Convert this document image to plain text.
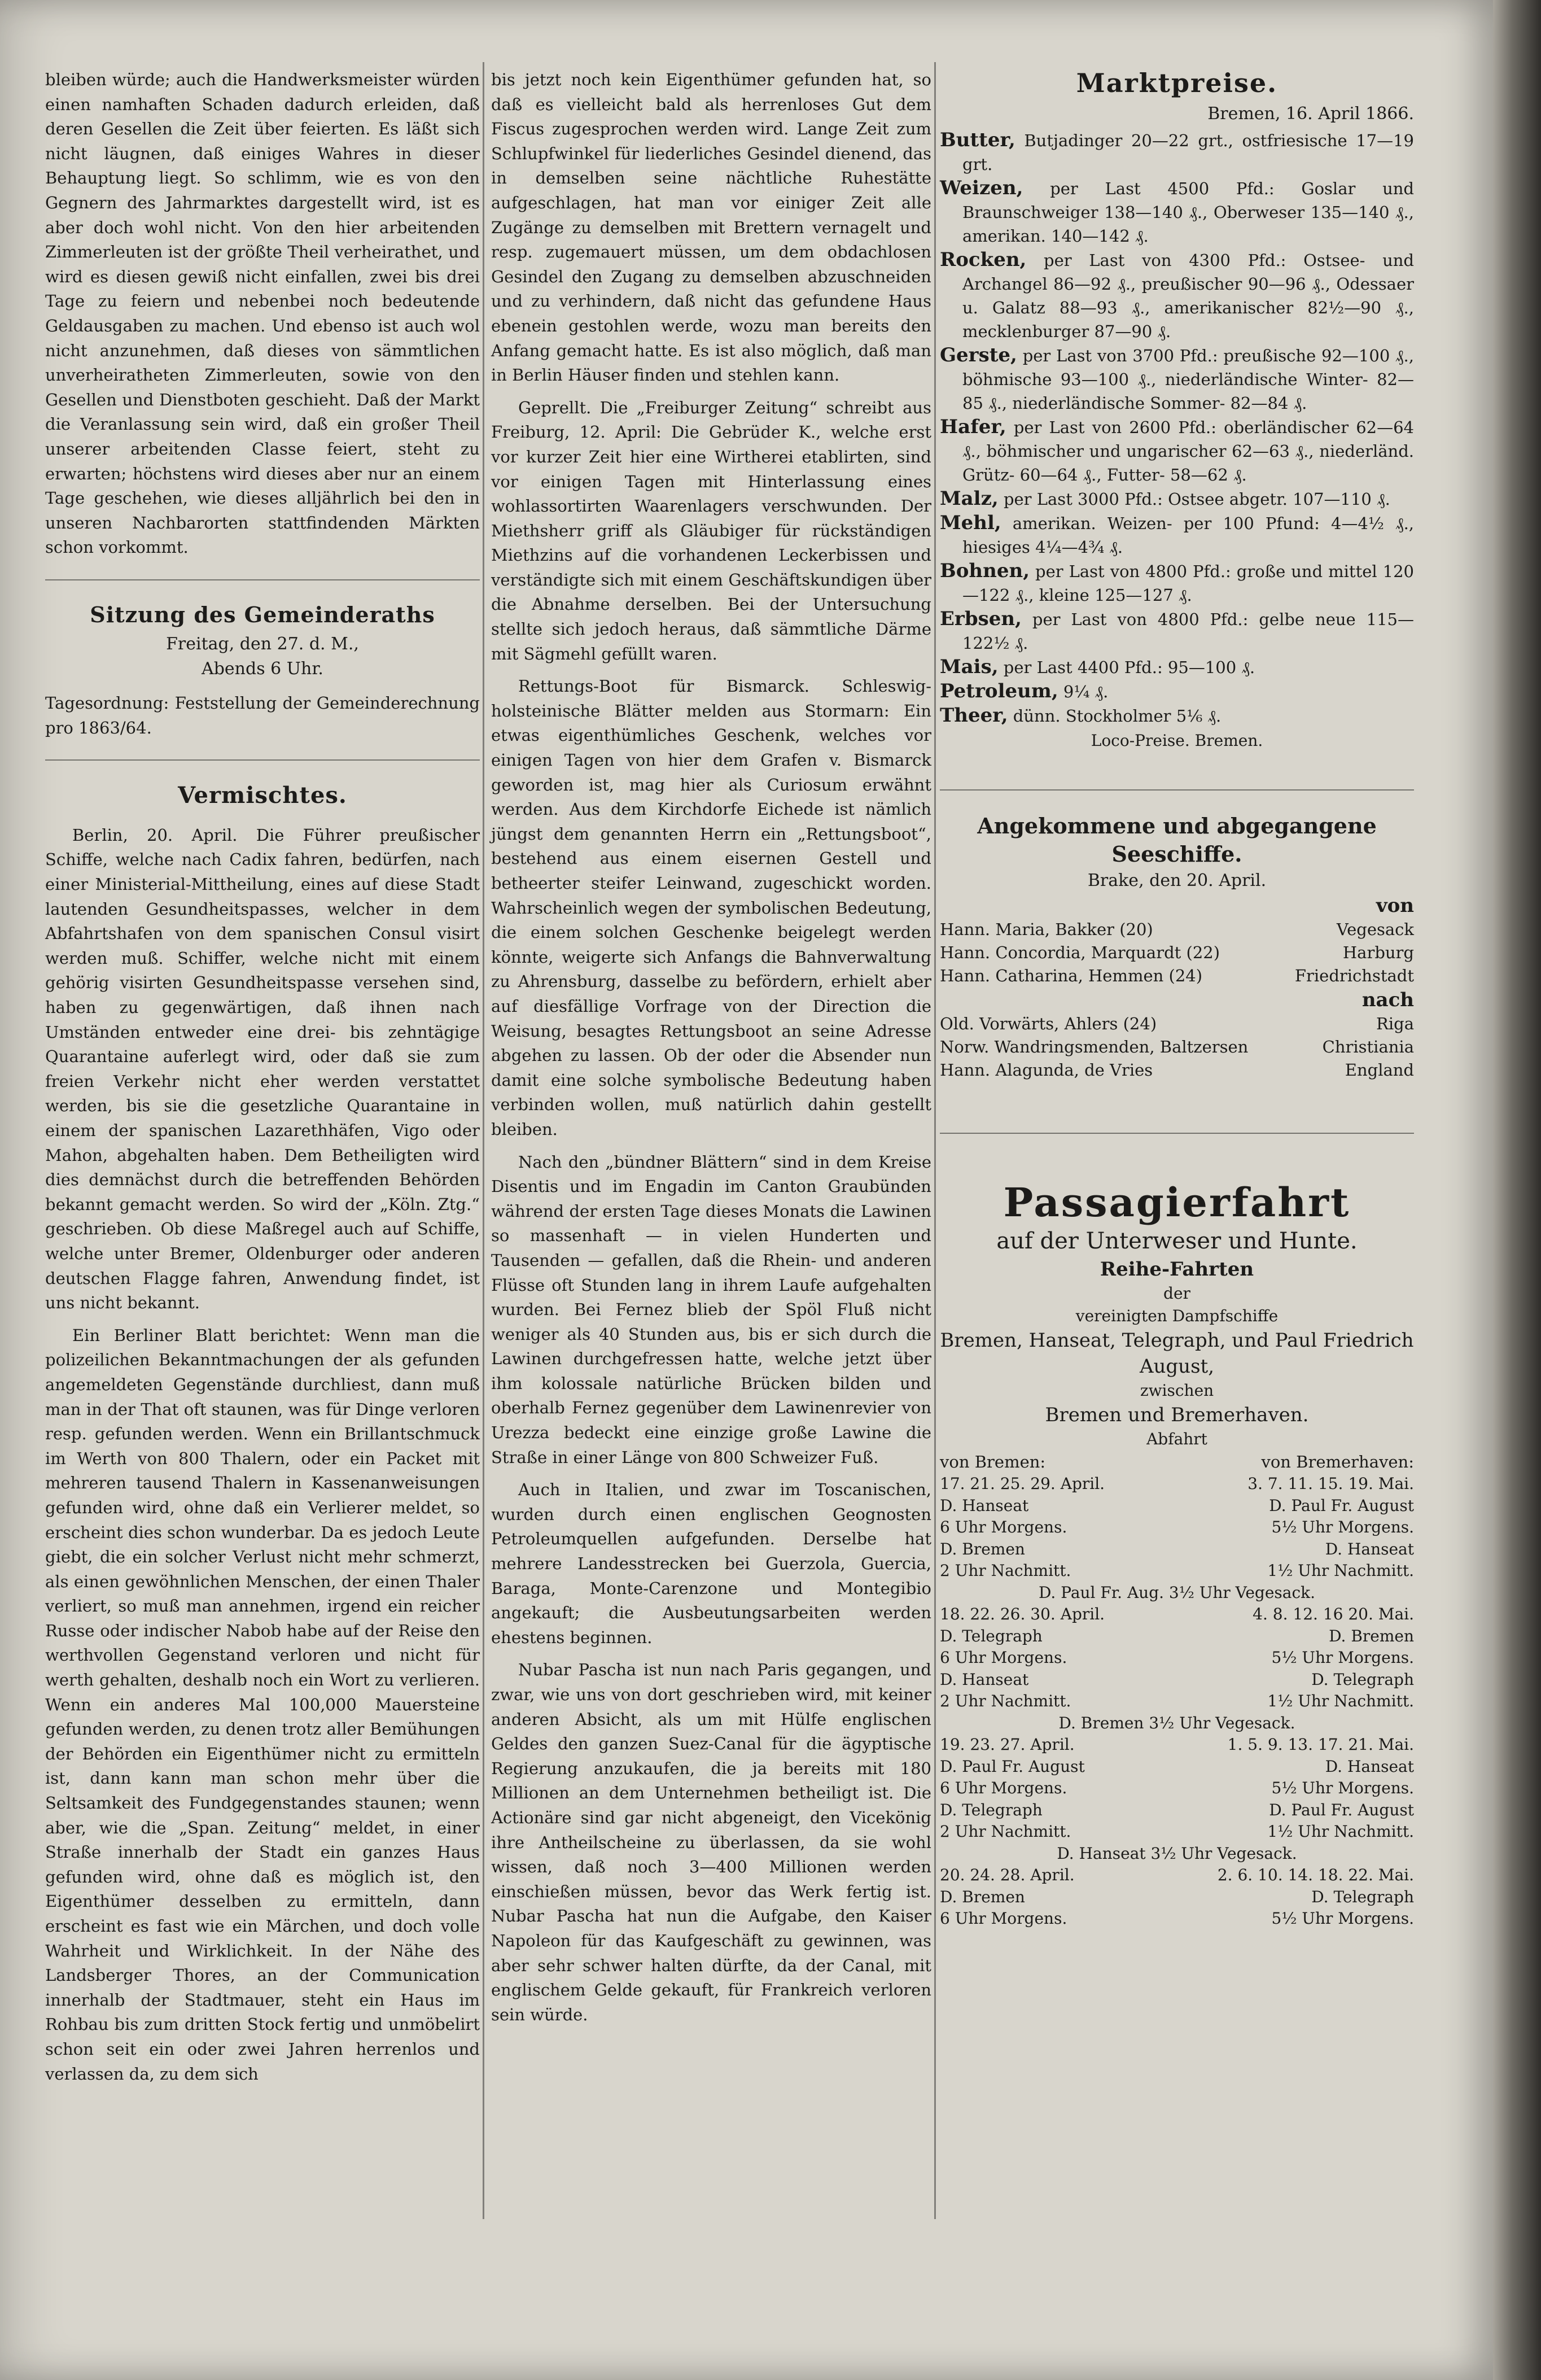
bleiben würde; auch die Handwerksmeister würden einen namhaften Schaden dadurch erleiden, daß deren Gesellen die Zeit über feierten. Es läßt sich nicht läugnen, daß einiges Wahres in dieser Behauptung liegt. So schlimm, wie es von den Gegnern des Jahrmarktes dargestellt wird, ist es aber doch wohl nicht. Von den hier arbeitenden Zimmerleuten ist der größte Theil verheirathet, und wird es diesen gewiß nicht einfallen, zwei bis drei Tage zu feiern und nebenbei noch bedeutende Geldausgaben zu machen. Und ebenso ist auch wol nicht anzunehmen, daß dieses von sämmtlichen unverheiratheten Zimmerleuten, sowie von den Gesellen und Dienstboten geschieht. Daß der Markt die Veranlassung sein wird, daß ein großer Theil unserer arbeitenden Classe feiert, steht zu erwarten; höchstens wird dieses aber nur an einem Tage geschehen, wie dieses alljährlich bei den in unseren Nachbarorten stattfindenden Märkten schon vorkommt.

Sitzung des Gemeinderaths
Freitag, den 27. d. M.,
Abends 6 Uhr.

Tagesordnung: Feststellung der Gemeinderechnung pro 1863/64.

Vermischtes.

Berlin, 20. April. Die Führer preußischer Schiffe, welche nach Cadix fahren, bedürfen, nach einer Ministerial-Mittheilung, eines auf diese Stadt lautenden Gesundheitspasses, welcher in dem Abfahrtshafen von dem spanischen Consul visirt werden muß. Schiffer, welche nicht mit einem gehörig visirten Gesundheitspasse versehen sind, haben zu gegenwärtigen, daß ihnen nach Umständen entweder eine drei- bis zehntägige Quarantaine auferlegt wird, oder daß sie zum freien Verkehr nicht eher werden verstattet werden, bis sie die gesetzliche Quarantaine in einem der spanischen Lazarethhäfen, Vigo oder Mahon, abgehalten haben. Dem Betheiligten wird dies demnächst durch die betreffenden Behörden bekannt gemacht werden. So wird der „Köln. Ztg.“ geschrieben. Ob diese Maßregel auch auf Schiffe, welche unter Bremer, Oldenburger oder anderen deutschen Flagge fahren, Anwendung findet, ist uns nicht bekannt.

Ein Berliner Blatt berichtet: Wenn man die polizeilichen Bekanntmachungen der als gefunden angemeldeten Gegenstände durchliest, dann muß man in der That oft staunen, was für Dinge verloren resp. gefunden werden. Wenn ein Brillantschmuck im Werth von 800 Thalern, oder ein Packet mit mehreren tausend Thalern in Kassenanweisungen gefunden wird, ohne daß ein Verlierer meldet, so erscheint dies schon wunderbar. Da es jedoch Leute giebt, die ein solcher Verlust nicht mehr schmerzt, als einen gewöhnlichen Menschen, der einen Thaler verliert, so muß man annehmen, irgend ein reicher Russe oder indischer Nabob habe auf der Reise den werthvollen Gegenstand verloren und nicht für werth gehalten, deshalb noch ein Wort zu verlieren. Wenn ein anderes Mal 100,000 Mauersteine gefunden werden, zu denen trotz aller Bemühungen der Behörden ein Eigenthümer nicht zu ermitteln ist, dann kann man schon mehr über die Seltsamkeit des Fundgegenstandes staunen; wenn aber, wie die „Span. Zeitung“ meldet, in einer Straße innerhalb der Stadt ein ganzes Haus gefunden wird, ohne daß es möglich ist, den Eigenthümer desselben zu ermitteln, dann erscheint es fast wie ein Märchen, und doch volle Wahrheit und Wirklichkeit. In der Nähe des Landsberger Thores, an der Communication innerhalb der Stadtmauer, steht ein Haus im Rohbau bis zum dritten Stock fertig und unmöbelirt schon seit ein oder zwei Jahren herrenlos und verlassen da, zu dem sich

bis jetzt noch kein Eigenthümer gefunden hat, so daß es vielleicht bald als herrenloses Gut dem Fiscus zugesprochen werden wird. Lange Zeit zum Schlupfwinkel für liederliches Gesindel dienend, das in demselben seine nächtliche Ruhestätte aufgeschlagen, hat man vor einiger Zeit alle Zugänge zu demselben mit Brettern vernagelt und resp. zugemauert müssen, um dem obdachlosen Gesindel den Zugang zu demselben abzuschneiden und zu verhindern, daß nicht das gefundene Haus ebenein gestohlen werde, wozu man bereits den Anfang gemacht hatte. Es ist also möglich, daß man in Berlin Häuser finden und stehlen kann.

Geprellt. Die „Freiburger Zeitung“ schreibt aus Freiburg, 12. April: Die Gebrüder K., welche erst vor kurzer Zeit hier eine Wirtherei etablirten, sind vor einigen Tagen mit Hinterlassung eines wohlassortirten Waarenlagers verschwunden. Der Miethsherr griff als Gläubiger für rückständigen Miethzins auf die vorhandenen Leckerbissen und verständigte sich mit einem Geschäftskundigen über die Abnahme derselben. Bei der Untersuchung stellte sich jedoch heraus, daß sämmtliche Därme mit Sägmehl gefüllt waren.

Rettungs-Boot für Bismarck. Schleswig-holsteinische Blätter melden aus Stormarn: Ein etwas eigenthümliches Geschenk, welches vor einigen Tagen von hier dem Grafen v. Bismarck geworden ist, mag hier als Curiosum erwähnt werden. Aus dem Kirchdorfe Eichede ist nämlich jüngst dem genannten Herrn ein „Rettungsboot“, bestehend aus einem eisernen Gestell und betheerter steifer Leinwand, zugeschickt worden. Wahrscheinlich wegen der symbolischen Bedeutung, die einem solchen Geschenke beigelegt werden könnte, weigerte sich Anfangs die Bahnverwaltung zu Ahrensburg, dasselbe zu befördern, erhielt aber auf diesfällige Vorfrage von der Direction die Weisung, besagtes Rettungsboot an seine Adresse abgehen zu lassen. Ob der oder die Absender nun damit eine solche symbolische Bedeutung haben verbinden wollen, muß natürlich dahin gestellt bleiben.

Nach den „bündner Blättern“ sind in dem Kreise Disentis und im Engadin im Canton Graubünden während der ersten Tage dieses Monats die Lawinen so massenhaft — in vielen Hunderten und Tausenden — gefallen, daß die Rhein- und anderen Flüsse oft Stunden lang in ihrem Laufe aufgehalten wurden. Bei Fernez blieb der Spöl Fluß nicht weniger als 40 Stunden aus, bis er sich durch die Lawinen durchgefressen hatte, welche jetzt über ihm kolossale natürliche Brücken bilden und oberhalb Fernez gegenüber dem Lawinenrevier von Urezza bedeckt eine einzige große Lawine die Straße in einer Länge von 800 Schweizer Fuß.

Auch in Italien, und zwar im Toscanischen, wurden durch einen englischen Geognosten Petroleumquellen aufgefunden. Derselbe hat mehrere Landesstrecken bei Guerzola, Guercia, Baraga, Monte-Carenzone und Montegibio angekauft; die Ausbeutungsarbeiten werden ehestens beginnen.

Nubar Pascha ist nun nach Paris gegangen, und zwar, wie uns von dort geschrieben wird, mit keiner anderen Absicht, als um mit Hülfe englischen Geldes den ganzen Suez-Canal für die ägyptische Regierung anzukaufen, die ja bereits mit 180 Millionen an dem Unternehmen betheiligt ist. Die Actionäre sind gar nicht abgeneigt, den Vicekönig ihre Antheilscheine zu überlassen, da sie wohl wissen, daß noch 3—400 Millionen werden einschießen müssen, bevor das Werk fertig ist. Nubar Pascha hat nun die Aufgabe, den Kaiser Napoleon für das Kaufgeschäft zu gewinnen, was aber sehr schwer halten dürfte, da der Canal, mit englischem Gelde gekauft, für Frankreich verloren sein würde.

Marktpreise.
Bremen, 16. April 1866.

Butter, Butjadinger 20—22 grt., ostfriesische 17—19 grt.

Weizen, per Last 4500 Pfd.: Goslar und Braunschweiger 138—140 ₰., Oberweser 135—140 ₰., amerikan. 140—142 ₰.

Rocken, per Last von 4300 Pfd.: Ostsee- und Archangel 86—92 ₰., preußischer 90—96 ₰., Odessaer u. Galatz 88—93 ₰., amerikanischer 82½—90 ₰., mecklenburger 87—90 ₰.

Gerste, per Last von 3700 Pfd.: preußische 92—100 ₰., böhmische 93—100 ₰., niederländische Winter- 82—85 ₰., niederländische Sommer- 82—84 ₰.

Hafer, per Last von 2600 Pfd.: oberländischer 62—64 ₰., böhmischer und ungarischer 62—63 ₰., niederländ. Grütz- 60—64 ₰., Futter- 58—62 ₰.

Malz, per Last 3000 Pfd.: Ostsee abgetr. 107—110 ₰.

Mehl, amerikan. Weizen- per 100 Pfund: 4—4½ ₰., hiesiges 4¼—4¾ ₰.

Bohnen, per Last von 4800 Pfd.: große und mittel 120—122 ₰., kleine 125—127 ₰.

Erbsen, per Last von 4800 Pfd.: gelbe neue 115—122½ ₰.

Mais, per Last 4400 Pfd.: 95—100 ₰.

Petroleum, 9¼ ₰.

Theer, dünn. Stockholmer 5⅙ ₰.

Loco-Preise. Bremen.
Angekommene und abgegangene Seeschiffe.
Brake, den 20. April.
von
Hann. Maria, Bakker (20)	Vegesack
Hann. Concordia, Marquardt (22)	Harburg
Hann. Catharina, Hemmen (24)	Friedrichstadt
nach
Old. Vorwärts, Ahlers (24)	Riga
Norw. Wandringsmenden, Baltzersen	Christiania
Hann. Alagunda, de Vries	England
Passagierfahrt
auf der Unterweser und Hunte.
Reihe-Fahrten
der
vereinigten Dampfschiffe
Bremen, Hanseat, Telegraph, und Paul Friedrich August,
zwischen
Bremen und Bremerhaven.
Abfahrt
von Bremen:	von Bremerhaven:
17. 21. 25. 29. April.	3. 7. 11. 15. 19. Mai.
D. Hanseat	D. Paul Fr. August
6 Uhr Morgens.	5½ Uhr Morgens.
D. Bremen	D. Hanseat
2 Uhr Nachmitt.	1½ Uhr Nachmitt.
D. Paul Fr. Aug. 3½ Uhr Vegesack.
18. 22. 26. 30. April.	4. 8. 12. 16 20. Mai.
D. Telegraph	D. Bremen
6 Uhr Morgens.	5½ Uhr Morgens.
D. Hanseat	D. Telegraph
2 Uhr Nachmitt.	1½ Uhr Nachmitt.
D. Bremen 3½ Uhr Vegesack.
19. 23. 27. April.	1. 5. 9. 13. 17. 21. Mai.
D. Paul Fr. August	D. Hanseat
6 Uhr Morgens.	5½ Uhr Morgens.
D. Telegraph	D. Paul Fr. August
2 Uhr Nachmitt.	1½ Uhr Nachmitt.
D. Hanseat 3½ Uhr Vegesack.
20. 24. 28. April.	2. 6. 10. 14. 18. 22. Mai.
D. Bremen	D. Telegraph
6 Uhr Morgens.	5½ Uhr Morgens.
